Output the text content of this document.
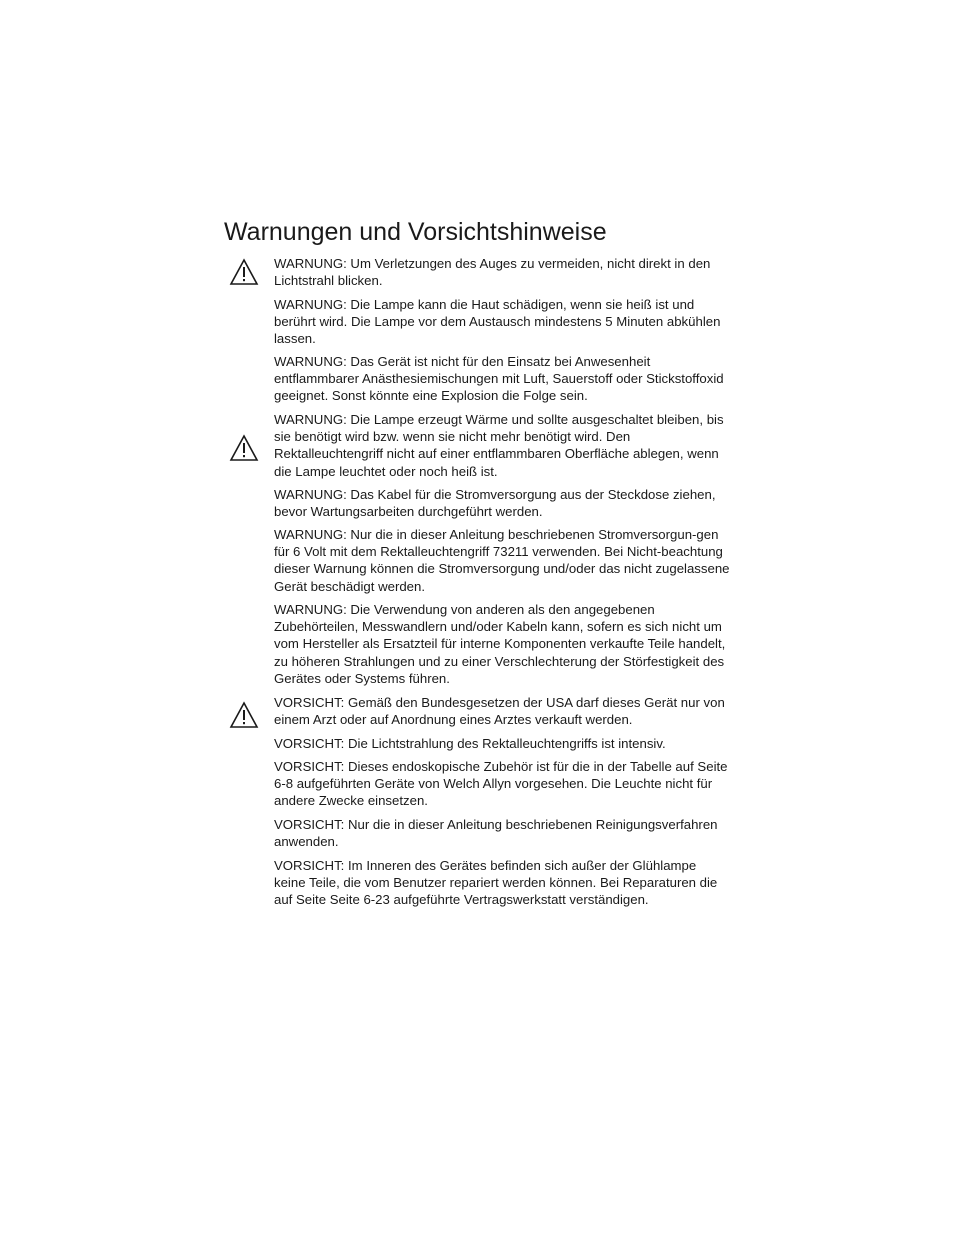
Warnungen und Vorsichtshinweise

WARNUNG: Um Verletzungen des Auges zu vermeiden, nicht direkt in den Lichtstrahl blicken.

WARNUNG: Die Lampe kann die Haut schädigen, wenn sie heiß ist und berührt wird. Die Lampe vor dem Austausch mindestens 5 Minuten abkühlen lassen.

WARNUNG: Das Gerät ist nicht für den Einsatz bei Anwesenheit entflammbarer Anästhesiemischungen mit Luft, Sauerstoff oder Stickstoffoxid geeignet. Sonst könnte eine Explosion die Folge sein.

WARNUNG: Die Lampe erzeugt Wärme und sollte ausgeschaltet bleiben, bis sie benötigt wird bzw. wenn sie nicht mehr benötigt wird. Den Rektalleuchtengriff nicht auf einer entflammbaren Oberfläche ablegen, wenn die Lampe leuchtet oder noch heiß ist.

WARNUNG: Das Kabel für die Stromversorgung aus der Steckdose ziehen, bevor Wartungsarbeiten durchgeführt werden.

WARNUNG: Nur die in dieser Anleitung beschriebenen Stromversorgun-gen für 6 Volt mit dem Rektalleuchtengriff 73211 verwenden. Bei Nicht-beachtung dieser Warnung können die Stromversorgung und/oder das nicht zugelassene Gerät beschädigt werden.

WARNUNG: Die Verwendung von anderen als den angegebenen Zubehörteilen, Messwandlern und/oder Kabeln kann, sofern es sich nicht um vom Hersteller als Ersatzteil für interne Komponenten verkaufte Teile handelt, zu höheren Strahlungen und zu einer Verschlechterung der Störfestigkeit des Gerätes oder Systems führen.

VORSICHT: Gemäß den Bundesgesetzen der USA darf dieses Gerät nur von einem Arzt oder auf Anordnung eines Arztes verkauft werden.

VORSICHT: Die Lichtstrahlung des Rektalleuchtengriffs ist intensiv.

VORSICHT: Dieses endoskopische Zubehör ist für die in der Tabelle auf Seite 6-8 aufgeführten Geräte von Welch Allyn vorgesehen. Die Leuchte nicht für andere Zwecke einsetzen.

VORSICHT: Nur die in dieser Anleitung beschriebenen Reinigungsverfahren anwenden.

VORSICHT: Im Inneren des Gerätes befinden sich außer der Glühlampe keine Teile, die vom Benutzer repariert werden können. Bei Reparaturen die auf Seite Seite 6-23 aufgeführte Vertragswerkstatt verständigen.
